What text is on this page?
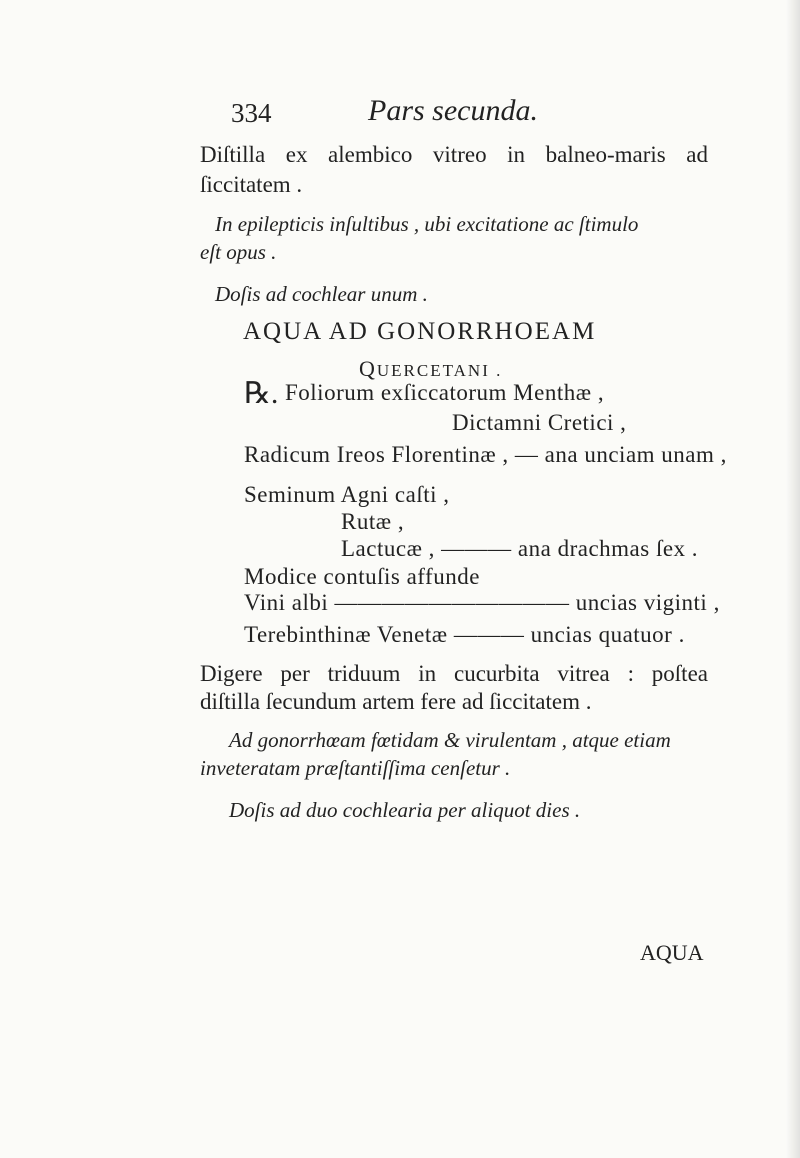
334	Pars secunda.
Diſtilla ex alembico vitreo in balneo-maris ad
ſiccitatem .
In epilepticis inſultibus , ubi excitatione ac ſtimulo
eſt opus .
Doſis ad cochlear unum .
AQUA AD GONORRHOEAM
QUERCETANI .
℞. Foliorum exſiccatorum Menthæ ,
Dictamni Cretici ,
Radicum Ireos Florentinæ , — ana unciam unam ,
Seminum Agni caſti ,
Rutæ ,
Lactucæ , ——— ana drachmas ſex .
Modice contuſis affunde
Vini albi —————————— uncias viginti ,
Terebinthinæ Venetæ ——— uncias quatuor .
Digere per triduum in cucurbita vitrea : poſtea
diſtilla ſecundum artem fere ad ſiccitatem .
Ad gonorrhœam fœtidam & virulentam , atque etiam
inveteratam præſtantiſſima cenſetur .
Doſis ad duo cochlearia per aliquot dies .
AQUA
